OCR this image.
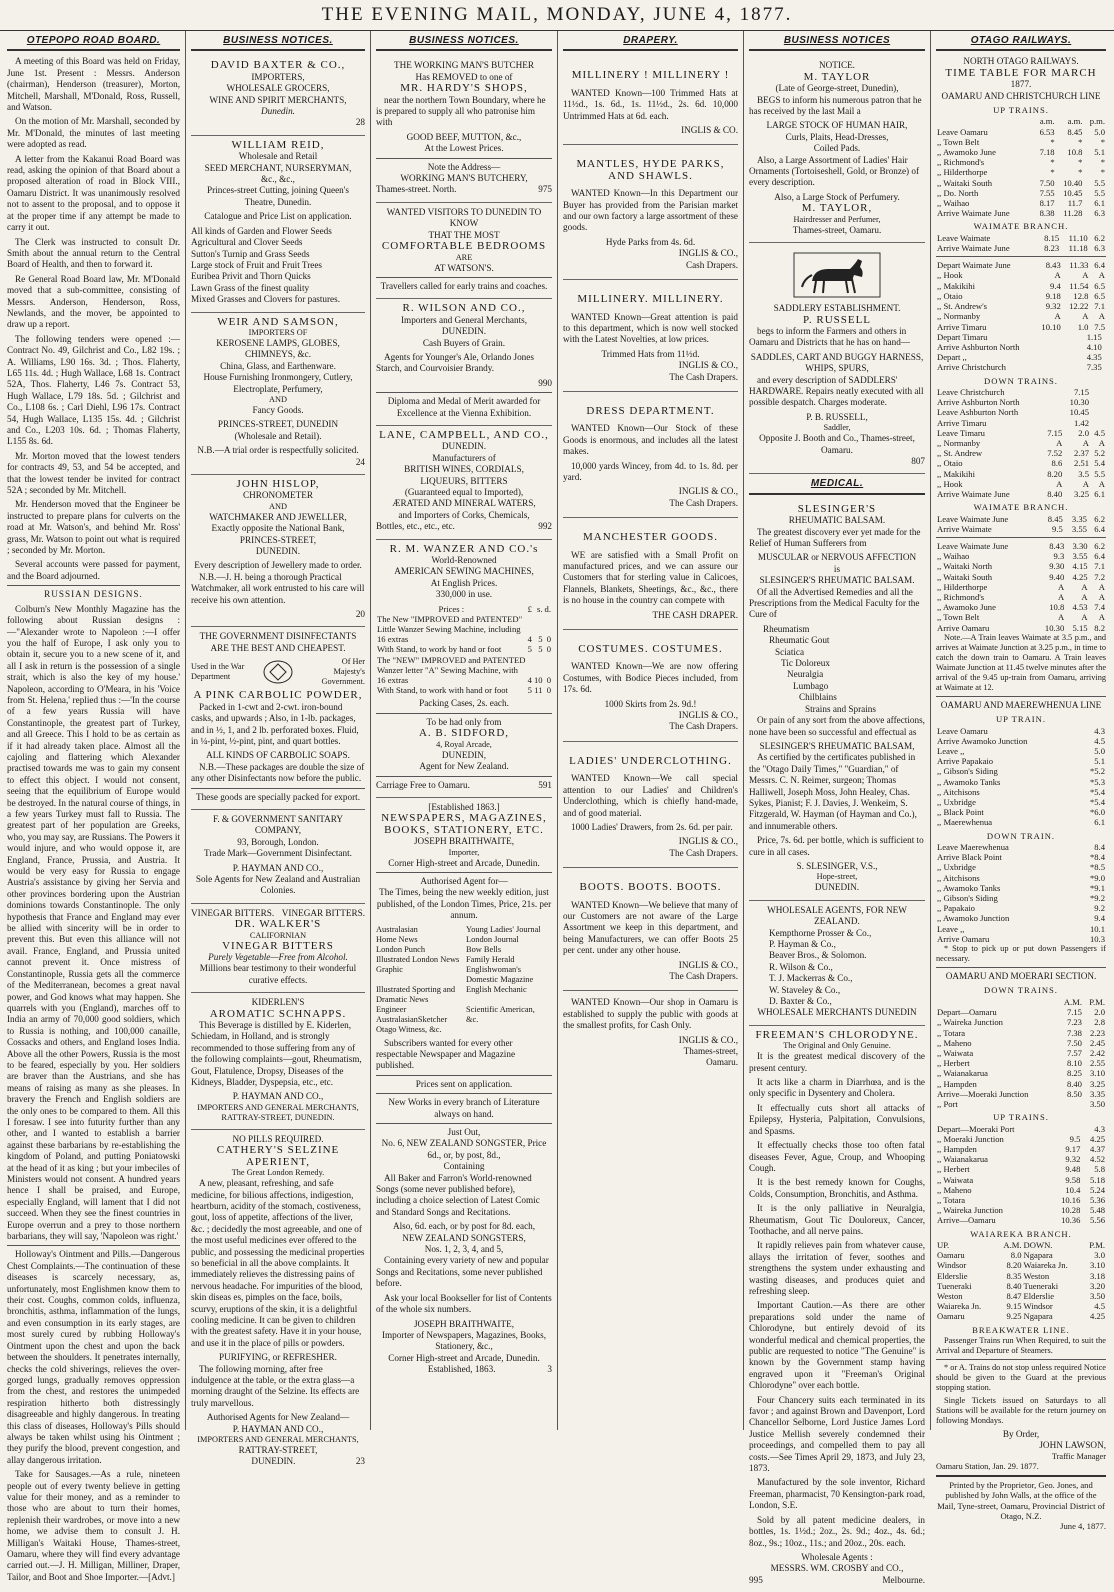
THE EVENING MAIL, MONDAY, JUNE 4, 1877.
OTEPOPO ROAD BOARD.

A meeting of this Board was held on Friday, June 1st. Present : Messrs. Anderson (chairman), Henderson (treasurer), Morton, Mitchell, Marshall, M'Donald, Ross, Russell, and Watson.

On the motion of Mr. Marshall, seconded by Mr. M'Donald, the minutes of last meeting were adopted as read.

A letter from the Kakanui Road Board was read, asking the opinion of that Board about a proposed alteration of road in Block VIII., Oamaru District. It was unanimously resolved not to assent to the proposal, and to oppose it at the proper time if any attempt be made to carry it out.

The Clerk was instructed to consult Dr. Smith about the annual return to the Central Board of Health, and then to forward it.

Re General Road Board law, Mr. M'Donald moved that a sub-committee, consisting of Messrs. Anderson, Henderson, Ross, Newlands, and the mover, be appointed to draw up a report.

The following tenders were opened :—Contract No. 49, Gilchrist and Co., L82 19s. ; A. Williams, L90 16s. 3d. ; Thos. Flaherty, L65 11s. 4d. ; Hugh Wallace, L68 1s. Contract 52A, Thos. Flaherty, L46 7s. Contract 53, Hugh Wallace, L79 18s. 5d. ; Gilchrist and Co., L108 6s. ; Carl Diehl, L96 17s. Contract 54, Hugh Wallace, L135 15s. 4d. ; Gilchrist and Co., L203 10s. 6d. ; Thomas Flaherty, L155 8s. 6d.

Mr. Morton moved that the lowest tenders for contracts 49, 53, and 54 be accepted, and that the lowest tender be invited for contract 52A ; seconded by Mr. Mitchell.

Mr. Henderson moved that the Engineer be instructed to prepare plans for culverts on the road at Mr. Watson's, and behind Mr. Ross' grass, Mr. Watson to point out what is required ; seconded by Mr. Morton.

Several accounts were passed for payment, and the Board adjourned.

RUSSIAN DESIGNS.

Colburn's New Monthly Magazine has the following about Russian designs :—"Alexander wrote to Napoleon :—I offer you the half of Europe, I ask only you to obtain it, secure you to a new scene of it, and all I ask in return is the possession of a single strait, which is also the key of my house.' Napoleon, according to O'Meara, in his 'Voice from St. Helena,' replied thus :—'In the course of a few years Russia will have Constantinople, the greatest part of Turkey, and all Greece. This I hold to be as certain as if it had already taken place. Almost all the cajoling and flattering which Alexander practised towards me was to gain my consent to effect this object. I would not consent, seeing that the equilibrium of Europe would be destroyed. In the natural course of things, in a few years Turkey must fall to Russia. The greatest part of her population are Greeks, who, you may say, are Russians. The Powers it would injure, and who would oppose it, are England, France, Prussia, and Austria. It would be very easy for Russia to engage Austria's assistance by giving her Servia and other provinces bordering upon the Austrian dominions towards Constantinople. The only hypothesis that France and England may ever be allied with sincerity will be in order to prevent this. But even this alliance will not avail. France, England, and Prussia united cannot prevent it. Once mistress of Constantinople, Russia gets all the commerce of the Mediterranean, becomes a great naval power, and God knows what may happen. She quarrels with you (England), marches off to India an army of 70,000 good soldiers, which to Russia is nothing, and 100,000 canaille, Cossacks and others, and England loses India. Above all the other Powers, Russia is the most to be feared, especially by you. Her soldiers are braver than the Austrians, and she has means of raising as many as she pleases. In bravery the French and English soldiers are the only ones to be compared to them. All this I foresaw. I see into futurity further than any other, and I wanted to establish a barrier against these barbarians by re-establishing the kingdom of Poland, and putting Poniatowski at the head of it as king ; but your imbeciles of Ministers would not consent. A hundred years hence I shall be praised, and Europe, especially England, will lament that I did not succeed. When they see the finest countries in Europe overrun and a prey to those northern barbarians, they will say, 'Napoleon was right.'

Holloway's Ointment and Pills.—Dangerous Chest Complaints.—The continuation of these diseases is scarcely necessary, as, unfortunately, most Englishmen know them to their cost. Coughs, common colds, influenza, bronchitis, asthma, inflammation of the lungs, and even consumption in its early stages, are most surely cured by rubbing Holloway's Ointment upon the chest and upon the back between the shoulders. It penetrates internally, checks the cold shiverings, relieves the over-gorged lungs, gradually removes oppression from the chest, and restores the unimpeded respiration hitherto both distressingly disagreeable and highly dangerous. In treating this class of diseases, Holloway's Pills should always be taken whilst using his Ointment ; they purify the blood, prevent congestion, and allay dangerous irritation.

Take for Sausages.—As a rule, nineteen people out of every twenty believe in getting value for their money, and as a reminder to those who are about to turn their homes, replenish their wardrobes, or move into a new home, we advise them to consult J. H. Milligan's Waitaki House, Thames-street, Oamaru, where they will find every advantage carried out.—J. H. Milligan, Milliner, Draper, Tailor, and Boot and Shoe Importer.—[Advt.]

BUSINESS NOTICES.
DAVID BAXTER & CO.,
IMPORTERS,
WHOLESALE GROCERS,
WINE AND SPIRIT MERCHANTS,
Dunedin.
28
WILLIAM REID,
Wholesale and Retail
SEED MERCHANT, NURSERYMAN,
&c., &c.,
Princes-street Cutting, joining Queen's Theatre, Dunedin.
Catalogue and Price List on application.
All kinds of Garden and Flower Seeds
Agricultural and Clover Seeds
Sutton's Turnip and Grass Seeds
Large stock of Fruit and Fruit Trees
Euribea Privit and Thorn Quicks
Lawn Grass of the finest quality
Mixed Grasses and Clovers for pastures.
WEIR AND SAMSON,
IMPORTERS OF
KEROSENE LAMPS, GLOBES, CHIMNEYS, &c.
China, Glass, and Earthenware.
House Furnishing Ironmongery, Cutlery, Electroplate, Perfumery,
AND
Fancy Goods.
PRINCES-STREET, DUNEDIN
(Wholesale and Retail).
N.B.—A trial order is respectfully solicited.
24
JOHN HISLOP,
CHRONOMETER
AND
WATCHMAKER AND JEWELLER,
Exactly opposite the National Bank,
PRINCES-STREET,
DUNEDIN.
Every description of Jewellery made to order.

N.B.—J. H. being a thorough Practical Watchmaker, all work entrusted to his care will receive his own attention.

20
THE GOVERNMENT DISINFECTANTS ARE THE BEST AND CHEAPEST.
Used in the War Department
Of Her Majesty's Government.
A PINK CARBOLIC POWDER,

Packed in 1-cwt and 2-cwt. iron-bound casks, and upwards ; Also, in 1-lb. packages, and in ½, 1, and 2 lb. perforated boxes. Fluid, in ¼-pint, ½-pint, pint, and quart bottles.

ALL KINDS OF CARBOLIC SOAPS.

N.B.—These packages are double the size of any other Disinfectants now before the public.

These goods are specially packed for export.
F. & GOVERNMENT SANITARY COMPANY,
93, Borough, London.
Trade Mark—Government Disinfectant.
P. HAYMAN AND CO.,
Sole Agents for New Zealand and Australian Colonies.
VINEGAR BITTERS. VINEGAR BITTERS.
DR. WALKER'S
CALIFORNIAN
VINEGAR BITTERS
Purely Vegetable—Free from Alcohol.
Millions bear testimony to their wonderful curative effects.
KIDERLEN'S
AROMATIC SCHNAPPS.

This Beverage is distilled by E. Kiderlen, Schiedam, in Holland, and is strongly recommended to those suffering from any of the following complaints—gout, Rheumatism, Gout, Flatulence, Dropsy, Diseases of the Kidneys, Bladder, Dyspepsia, etc., etc.

P. HAYMAN AND CO.,
IMPORTERS AND GENERAL MERCHANTS, RATTRAY-STREET, DUNEDIN.
NO PILLS REQUIRED.
CATHERY'S SELZINE APERIENT,
The Great London Remedy.

A new, pleasant, refreshing, and safe medicine, for bilious affections, indigestion, heartburn, acidity of the stomach, costiveness, gout, loss of appetite, affections of the liver, &c. ; decidedly the most agreeable, and one of the most useful medicines ever offered to the public, and possessing the medicinal properties so beneficial in all the above complaints. It immediately relieves the distressing pains of nervous headache. For impurities of the blood, skin diseas es, pimples on the face, boils, scurvy, eruptions of the skin, it is a delightful cooling medicine. It can be given to children with the greatest safety. Have it in your house, and use it in the place of pills or powders.

PURIFYING, or REFRESHER.

The following morning, after free indulgence at the table, or the extra glass—a morning draught of the Selzine. Its effects are truly marvellous.

Authorised Agents for New Zealand—
P. HAYMAN AND CO.,
IMPORTERS AND GENERAL MERCHANTS,
RATTRAY-STREET,
DUNEDIN.	23
BUSINESS NOTICES.
THE WORKING MAN'S BUTCHER
Has REMOVED to one of
MR. HARDY'S SHOPS,

near the northern Town Boundary, where he is prepared to supply all who patronise him with

GOOD BEEF, MUTTON, &c.,
At the Lowest Prices.
Note the Address—
WORKING MAN'S BUTCHERY,
Thames-street. North.	975
WANTED VISITORS TO DUNEDIN TO KNOW
THAT THE MOST
COMFORTABLE BEDROOMS
ARE
AT WATSON'S.
Travellers called for early trains and coaches.
R. WILSON AND CO.,
Importers and General Merchants,
DUNEDIN.
Cash Buyers of Grain.

Agents for Younger's Ale, Orlando Jones Starch, and Courvoisier Brandy.

990
Diploma and Medal of Merit awarded for Excellence at the Vienna Exhibition.
LANE, CAMPBELL, AND CO.,
DUNEDIN.
Manufacturers of
BRITISH WINES, CORDIALS,
LIQUEURS, BITTERS
(Guaranteed equal to Imported),
ÆRATED AND MINERAL WATERS,
and Importers of Corks, Chemicals,
Bottles, etc., etc., etc.	992
R. M. WANZER AND CO.'s
World-Renowned
AMERICAN SEWING MACHINES,
At English Prices.
330,000 in use.
Prices :	£	s.	d.
The New "IMPROVED and PATENTED" Little Wanzer Sewing Machine, including 16 extras	4	5	0
With Stand, to work by hand or foot	5	5	0
The "NEW" IMPROVED and PATENTED Wanzer letter "A" Sewing Machine, with 16 extras	4	10	0
With Stand, to work with hand or foot	5	11	0
Packing Cases, 2s. each.
To be had only from
A. B. SIDFORD,
4, Royal Arcade,
DUNEDIN,
Agent for New Zealand.
Carriage Free to Oamaru.	591
[Established 1863.]
NEWSPAPERS, MAGAZINES, BOOKS, STATIONERY, ETC.
JOSEPH BRAITHWAITE,
Importer,
Corner High-street and Arcade, Dunedin.
Authorised Agent for—
The Times, being the new weekly edition, just published, of the London Times, Price, 21s. per annum.
Australasian	Young Ladies' Journal
Home News	London Journal
London Punch	Bow Bells
Illustrated London News Family Herald
Graphic	Englishwoman's Domestic Magazine
Illustrated Sporting and Dramatic News
English Mechanic
Engineer	Scientific American,
AustralasianSketcher	&c.
Otago Witness, &c.

Subscribers wanted for every other respectable Newspaper and Magazine published.

Prices sent on application.
New Works in every branch of Literature always on hand.
Just Out,
No. 6, NEW ZEALAND SONGSTER, Price 6d., or, by post, 8d.,
Containing

All Baker and Farron's World-renowned Songs (some never published before), including a choice selection of Latest Comic and Standard Songs and Recitations.

Also, 6d. each, or by post for 8d. each,
NEW ZEALAND SONGSTERS,
Nos. 1, 2, 3, 4, and 5,

Containing every variety of new and popular Songs and Recitations, some never published before.

Ask your local Bookseller for list of Contents of the whole six numbers.

JOSEPH BRAITHWAITE,
Importer of Newspapers, Magazines, Books, Stationery, &c.,
Corner High-street and Arcade, Dunedin.
Established, 1863.	3
DRAPERY.
MILLINERY ! MILLINERY !

WANTED Known—100 Trimmed Hats at 11½d., 1s. 6d., 1s. 11½d., 2s. 6d. 10,000 Untrimmed Hats at 6d. each.

INGLIS & CO.
MANTLES, HYDE PARKS, AND SHAWLS.

WANTED Known—In this Department our Buyer has provided from the Parisian market and our own factory a large assortment of these goods.

Hyde Parks from 4s. 6d.
INGLIS & CO.,
Cash Drapers.
MILLINERY. MILLINERY.

WANTED Known—Great attention is paid to this department, which is now well stocked with the Latest Novelties, at low prices.

Trimmed Hats from 11½d.
INGLIS & CO.,
The Cash Drapers.
DRESS DEPARTMENT.

WANTED Known—Our Stock of these Goods is enormous, and includes all the latest makes.

10,000 yards Wincey, from 4d. to 1s. 8d. per yard.

INGLIS & CO.,
The Cash Drapers.
MANCHESTER GOODS.

WE are satisfied with a Small Profit on manufactured prices, and we can assure our Customers that for sterling value in Calicoes, Flannels, Blankets, Sheetings, &c., &c., there is no house in the country can compete with

THE CASH DRAPER.
COSTUMES. COSTUMES.

WANTED Known—We are now offering Costumes, with Bodice Pieces included, from 17s. 6d.

1000 Skirts from 2s. 9d.!
INGLIS & CO.,
The Cash Drapers.
LADIES' UNDERCLOTHING.

WANTED Known—We call special attention to our Ladies' and Children's Underclothing, which is chiefly hand-made, and of good material.

1000 Ladies' Drawers, from 2s. 6d. per pair.

INGLIS & CO.,
The Cash Drapers.
BOOTS. BOOTS. BOOTS.

WANTED Known—We believe that many of our Customers are not aware of the Large Assortment we keep in this department, and being Manufacturers, we can offer Boots 25 per cent. under any other house.

INGLIS & CO.,
The Cash Drapers.

WANTED Known—Our shop in Oamaru is established to supply the public with goods at the smallest profits, for Cash Only.

INGLIS & CO.,
Thames-street,
Oamaru.
BUSINESS NOTICES
NOTICE.
M. TAYLOR
(Late of George-street, Dunedin),

BEGS to inform his numerous patron that he has received by the last Mail a

LARGE STOCK OF HUMAN HAIR,
Curls, Plaits, Head-Dresses,
Coiled Pads.

Also, a Large Assortment of Ladies' Hair Ornaments (Tortoiseshell, Gold, or Bronze) of every description.

Also, a Large Stock of Perfumery.
M. TAYLOR,
Hairdresser and Perfumer,
Thames-street, Oamaru.
SADDLERY ESTABLISHMENT.
P. RUSSELL

begs to inform the Farmers and others in Oamaru and Districts that he has on hand—

SADDLES, CART AND BUGGY HARNESS, WHIPS, SPURS,

and every description of SADDLERS' HARDWARE. Repairs neatly executed with all possible despatch. Charges moderate.

P. B. RUSSELL,
Saddler,
Opposite J. Booth and Co., Thames-street, Oamaru.
807
MEDICAL.
SLESINGER'S
RHEUMATIC BALSAM.

The greatest discovery ever yet made for the Relief of Human Sufferers from

MUSCULAR or NERVOUS AFFECTION
is
SLESINGER'S RHEUMATIC BALSAM.

Of all the Advertised Remedies and all the Prescriptions from the Medical Faculty for the Cure of

Rheumatism
Rheumatic Gout
Sciatica
Tic Doloreux
Neuralgia
Lumbago
Chilblains
Strains and Sprains

Or pain of any sort from the above affections, none have been so successful and effectual as

SLESINGER'S RHEUMATIC BALSAM,

As certified by the certificates published in the "Otago Daily Times," "Guardian," of Messrs. C. N. Reimer, surgeon; Thomas Halliwell, Joseph Moss, John Healey, Chas. Sykes, Pianist; F. J. Davies, J. Wenkeim, S. Fitzgerald, W. Hayman (of Hayman and Co.), and innumerable others.

Price, 7s. 6d. per bottle, which is sufficient to cure in all cases.

S. SLESINGER, V.S.,
Hope-street,
DUNEDIN.
WHOLESALE AGENTS, FOR NEW ZEALAND.
Kempthorne Prosser & Co.,
P. Hayman & Co.,
Beaver Bros., & Solomon.
R. Wilson & Co.,
T. J. Mackerras & Co.,
W. Staveley & Co.,
D. Baxter & Co.,
WHOLESALE MERCHANTS DUNEDIN
FREEMAN'S CHLORODYNE.
The Original and Only Genuine.

It is the greatest medical discovery of the present century.

It acts like a charm in Diarrhœa, and is the only specific in Dysentery and Cholera.

It effectually cuts short all attacks of Epilepsy, Hysteria, Palpitation, Convulsions, and Spasms.

It effectually checks those too often fatal diseases Fever, Ague, Croup, and Whooping Cough.

It is the best remedy known for Coughs, Colds, Consumption, Bronchitis, and Asthma.

It is the only palliative in Neuralgia, Rheumatism, Gout Tic Douloreux, Cancer, Toothache, and all nerve pains.

It rapidly relieves pain from whatever cause, allays the irritation of fever, soothes and strengthens the system under exhausting and wasting diseases, and produces quiet and refreshing sleep.

Important Caution.—As there are other preparations sold under the name of Chlorodyne, but entirely devoid of its wonderful medical and chemical properties, the public are requested to notice "The Genuine" is known by the Government stamp having engraved upon it "Freeman's Original Chlorodyne" over each bottle.

Four Chancery suits each terminated in its favor ; and against Brown and Davenport, Lord Chancellor Selborne, Lord Justice James Lord Justice Mellish severely condemned their proceedings, and compelled them to pay all costs.—See Times April 29, 1873, and July 23, 1873.

Manufactured by the sole inventor, Richard Freeman, pharmacist, 70 Kensington-park road, London, S.E.

Sold by all patent medicine dealers, in bottles, 1s. 1½d.; 2oz., 2s. 9d.; 4oz., 4s. 6d.; 8oz., 9s.; 10oz., 11s.; and 20oz., 20s. each.

Wholesale Agents :
MESSRS. WM. CROSBY and CO.,
995	Melbourne.
OTAGO RAILWAYS.
NORTH OTAGO RAILWAYS.
TIME TABLE FOR MARCH
1877.
OAMARU AND CHRISTCHURCH LINE
UP TRAINS.
	a.m.	a.m.	p.m.
Leave Oamaru	6.53	8.45	5.0
,, Town Belt	*	*	*
,, Awamoko June	7.18	10.8	5.1
,, Richmond's	*	*	*
,, Hilderthorpe	*	*	*
,, Waitaki South	7.50	10.40	5.5
,, Do. North	7.55	10.45	5.5
,, Waihao	8.17	11.7	6.1
Arrive Waimate June	8.38	11.28	6.3
WAIMATE BRANCH.
Leave Waimate	8.15	11.10	6.2
Arrive Waimate June	8.23	11.18	6.3
Depart Waimate June	8.43	11.33	6.4
,, Hook	A	A	A
,, Makikihi	9.4	11.54	6.5
,, Otaio	9.18	12.8	6.5
,, St. Andrew's	9.32	12.22	7.1
,, Normanby	A	A	A
Arrive Timaru	10.10	1.0	7.5
Depart Timaru		1.15	
Arrive Ashburton North		4.10	
Depart ,,		4.35	
Arrive Christchurch		7.35	
DOWN TRAINS.
Leave Christchurch		7.15	
Arrive Ashburton North		10.30	
Leave Ashburton North		10.45	
Arrive Timaru		1.42	
Leave Timaru	7.15	2.0	4.5
,, Normanby	A	A	A
,, St. Andrew	7.52	2.37	5.2
,, Otaio	8.6	2.51	5.4
,, Makikihi	8.20	3.5	5.5
,, Hook	A	A	A
Arrive Waimate June	8.40	3.25	6.1
WAIMATE BRANCH.
Leave Waimate June	8.45	3.35	6.2
Arrive Waimate	9.5	3.55	6.4
Leave Waimate June	8.43	3.30	6.2
,, Waihao	9.3	3.55	6.4
,, Waitaki North	9.30	4.15	7.1
,, Waitaki South	9.40	4.25	7.2
,, Hilderthorpe	A	A	A
,, Richmond's	A	A	A
,, Awamoko June	10.8	4.53	7.4
,, Town Belt	A	A	A
Arrive Oamaru	10.30	5.15	8.2

Note.—A Train leaves Waimate at 3.5 p.m., and arrives at Waimate Junction at 3.25 p.m., in time to catch the down train to Oamaru. A Train leaves Waimate Junction at 11.45 twelve minutes after the arrival of the 9.45 up-train from Oamaru, arriving at Waimate at 12.

OAMARU AND MAEREWHENUA LINE
UP TRAIN.
Leave Oamaru	4.3
Arrive Awamoko Junction	4.5
Leave ,,	5.0
Arrive Papakaio	5.1
,, Gibson's Siding	*5.2
,, Awamoko Tanks	*5.3
,, Aitchisons	*5.4
,, Uxbridge	*5.4
,, Black Point	*6.0
,, Maerewhenua	6.1
DOWN TRAIN.
Leave Maerewhenua	8.4
Arrive Black Point	*8.4
,, Uxbridge	*8.5
,, Aitchisons	*9.0
,, Awamoko Tanks	*9.1
,, Gibson's Siding	*9.2
,, Papakaio	9.2
,, Awamoko Junction	9.4
Leave ,,	10.1
Arrive Oamaru	10.3

* Stop to pick up or put down Passengers if necessary.

OAMARU AND MOERARI SECTION.
DOWN TRAINS.
	A.M.	P.M.
Depart—Oamaru	7.15	2.0
,, Waireka Junction	7.23	2.8
,, Totara	7.38	2.23
,, Maheno	7.50	2.45
,, Waiwata	7.57	2.42
,, Herbert	8.10	2.55
,, Waianakarua	8.25	3.10
,, Hampden	8.40	3.25
Arrive—Moeraki Junction	8.50	3.35
,, Port		3.50
UP TRAINS.
Depart—Moeraki Port		4.3
,, Moeraki Junction	9.5	4.25
,, Hampden	9.17	4.37
,, Waianakarua	9.32	4.52
,, Herbert	9.48	5.8
,, Waiwata	9.58	5.18
,, Maheno	10.4	5.24
,, Totara	10.16	5.36
,, Waireka Junction	10.28	5.48
Arrive—Oamaru	10.36	5.56
WAIAREKA BRANCH.
UP.	A.M.	DOWN.	P.M.
Oamaru	8.0	Ngapara	3.0
Windsor	8.20	Waiareka Jn.	3.10
Elderslie	8.35	Weston	3.18
Tueneraki	8.40	Tueneraki	3.20
Weston	8.47	Elderslie	3.50
Waiareka Jn.	9.15	Windsor	4.5
Oamaru	9.25	Ngapara	4.25
BREAKWATER LINE.

Passenger Trains run When Required, to suit the Arrival and Departure of Steamers.

* or A. Trains do not stop unless required Notice should be given to the Guard at the previous stopping station.

Single Tickets issued on Saturdays to all Stations will be available for the return journey on following Mondays.

By Order,
JOHN LAWSON,
Traffic Manager
Oamaru Station, Jan. 29. 1877.
Printed by the Proprietor, Geo. Jones, and published by John Walls, at the office of the Mail, Tyne-street, Oamaru, Provincial District of Otago, N.Z.
June 4, 1877.
